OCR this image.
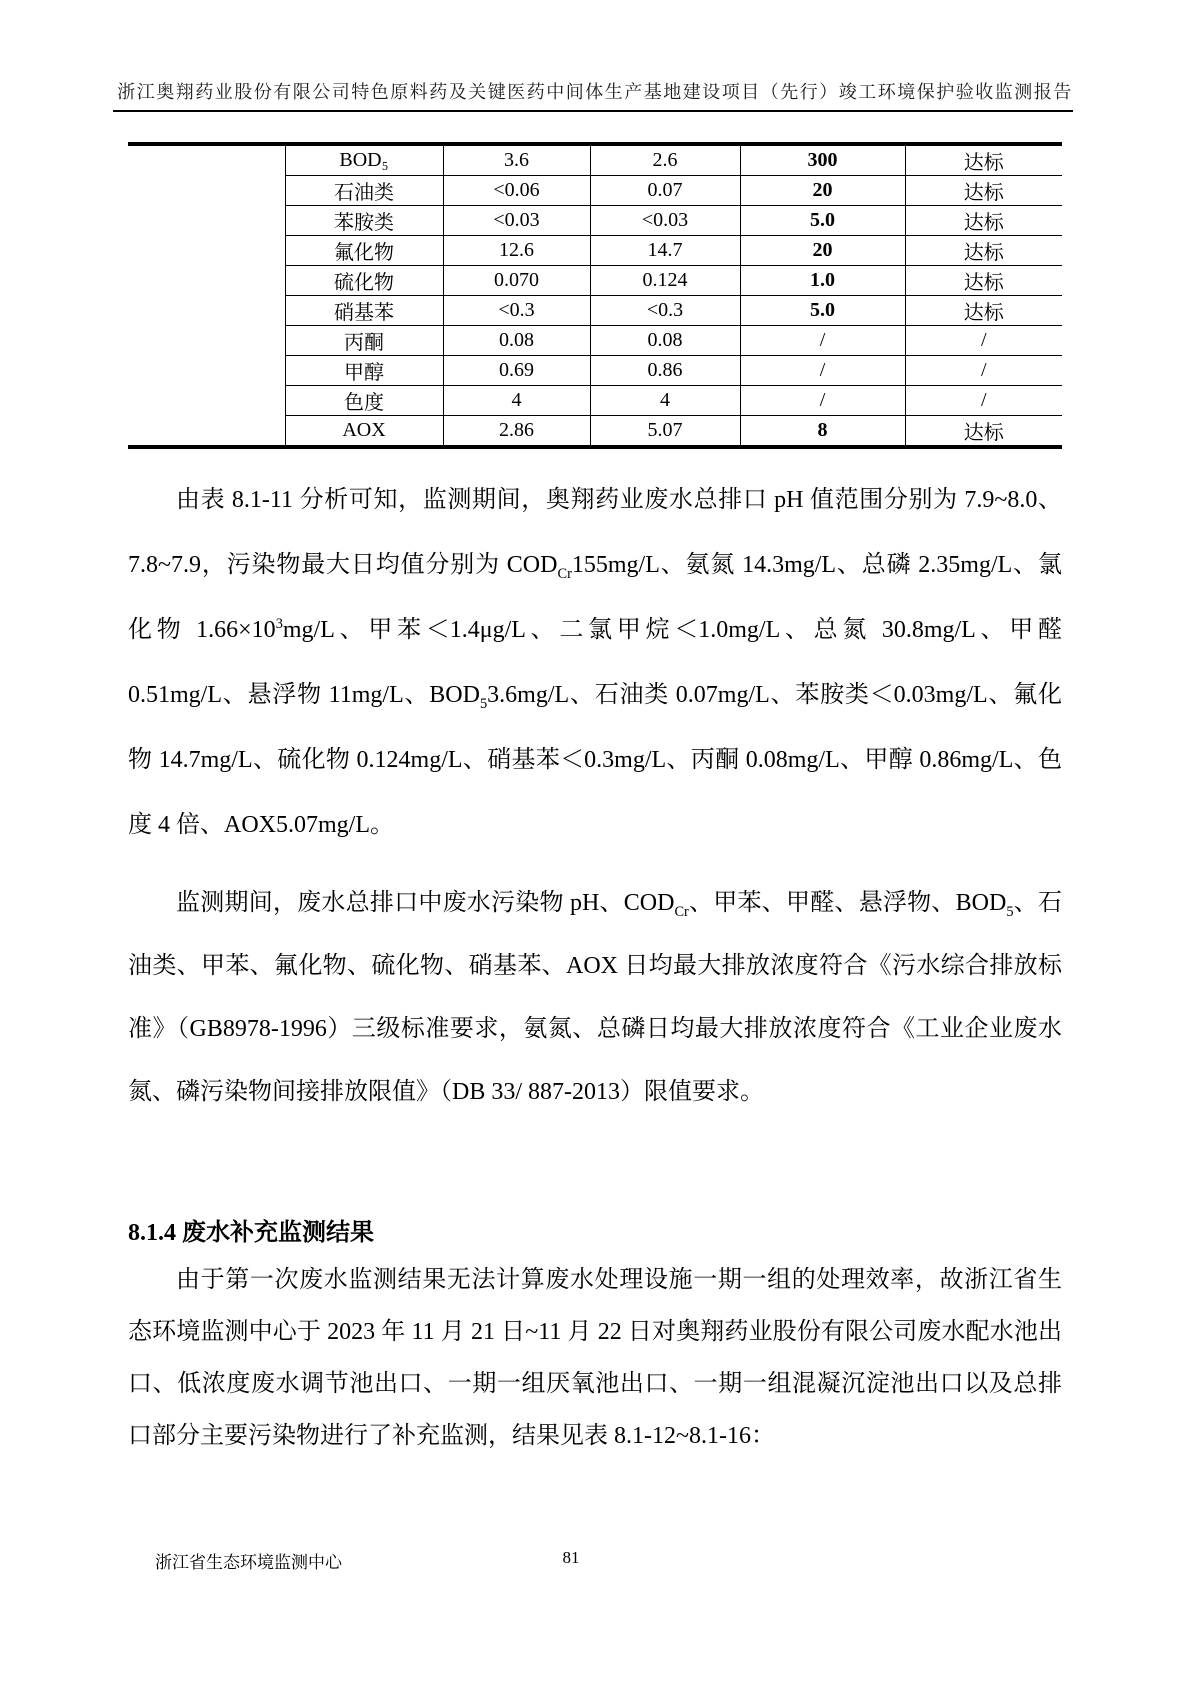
浙江奥翔药业股份有限公司特色原料药及关键医药中间体生产基地建设项目（先行）竣工环境保护验收监测报告
	BOD₅	3.6	2.6	300	达标
	石油类	<0.06	0.07	20	达标
	苯胺类	<0.03	<0.03	5.0	达标
	氟化物	12.6	14.7	20	达标
	硫化物	0.070	0.124	1.0	达标
	硝基苯	<0.3	<0.3	5.0	达标
	丙酮	0.08	0.08	/	/
	甲醇	0.69	0.86	/	/
	色度	4	4	/	/
	AOX	2.86	5.07	8	达标

由表 8.1-11 分析可知，监测期间，奥翔药业废水总排口 pH 值范围分别为 7.9~8.0、7.8~7.9，污染物最大日均值分别为 $COD_{Cr}155mg/L$、氨氮 14.3mg/L、总磷 2.35mg/L、氯化物 $1.66\times 10^3mg/L$、甲苯＜1.4μg/L、二氯甲烷＜1.0mg/L、总氮 30.8mg/L、甲醛 0.51mg/L、悬浮物 11mg/L、$BOD_53.6mg/L$、石油类 0.07mg/L、苯胺类＜0.03mg/L、氟化物 14.7mg/L、硫化物 0.124mg/L、硝基苯＜0.3mg/L、丙酮 0.08mg/L、甲醇 0.86mg/L、色度 4 倍、AOX5.07mg/L。

监测期间，废水总排口中废水污染物 pH、$COD_{Cr}$、甲苯、甲醛、悬浮物、$BOD_5$、石油类、甲苯、氟化物、硫化物、硝基苯、AOX 日均最大排放浓度符合《污水综合排放标准》（GB8978-1996）三级标准要求，氨氮、总磷日均最大排放浓度符合《工业企业废水氮、磷污染物间接排放限值》（DB 33/ 887-2013）限值要求。

8.1.4 废水补充监测结果

由于第一次废水监测结果无法计算废水处理设施一期一组的处理效率，故浙江省生态环境监测中心于 2023 年 11 月 21 日~11 月 22 日对奥翔药业股份有限公司废水配水池出口、低浓度废水调节池出口、一期一组厌氧池出口、一期一组混凝沉淀池出口以及总排口部分主要污染物进行了补充监测，结果见表 8.1-12~8.1-16：

浙江省生态环境监测中心	81
